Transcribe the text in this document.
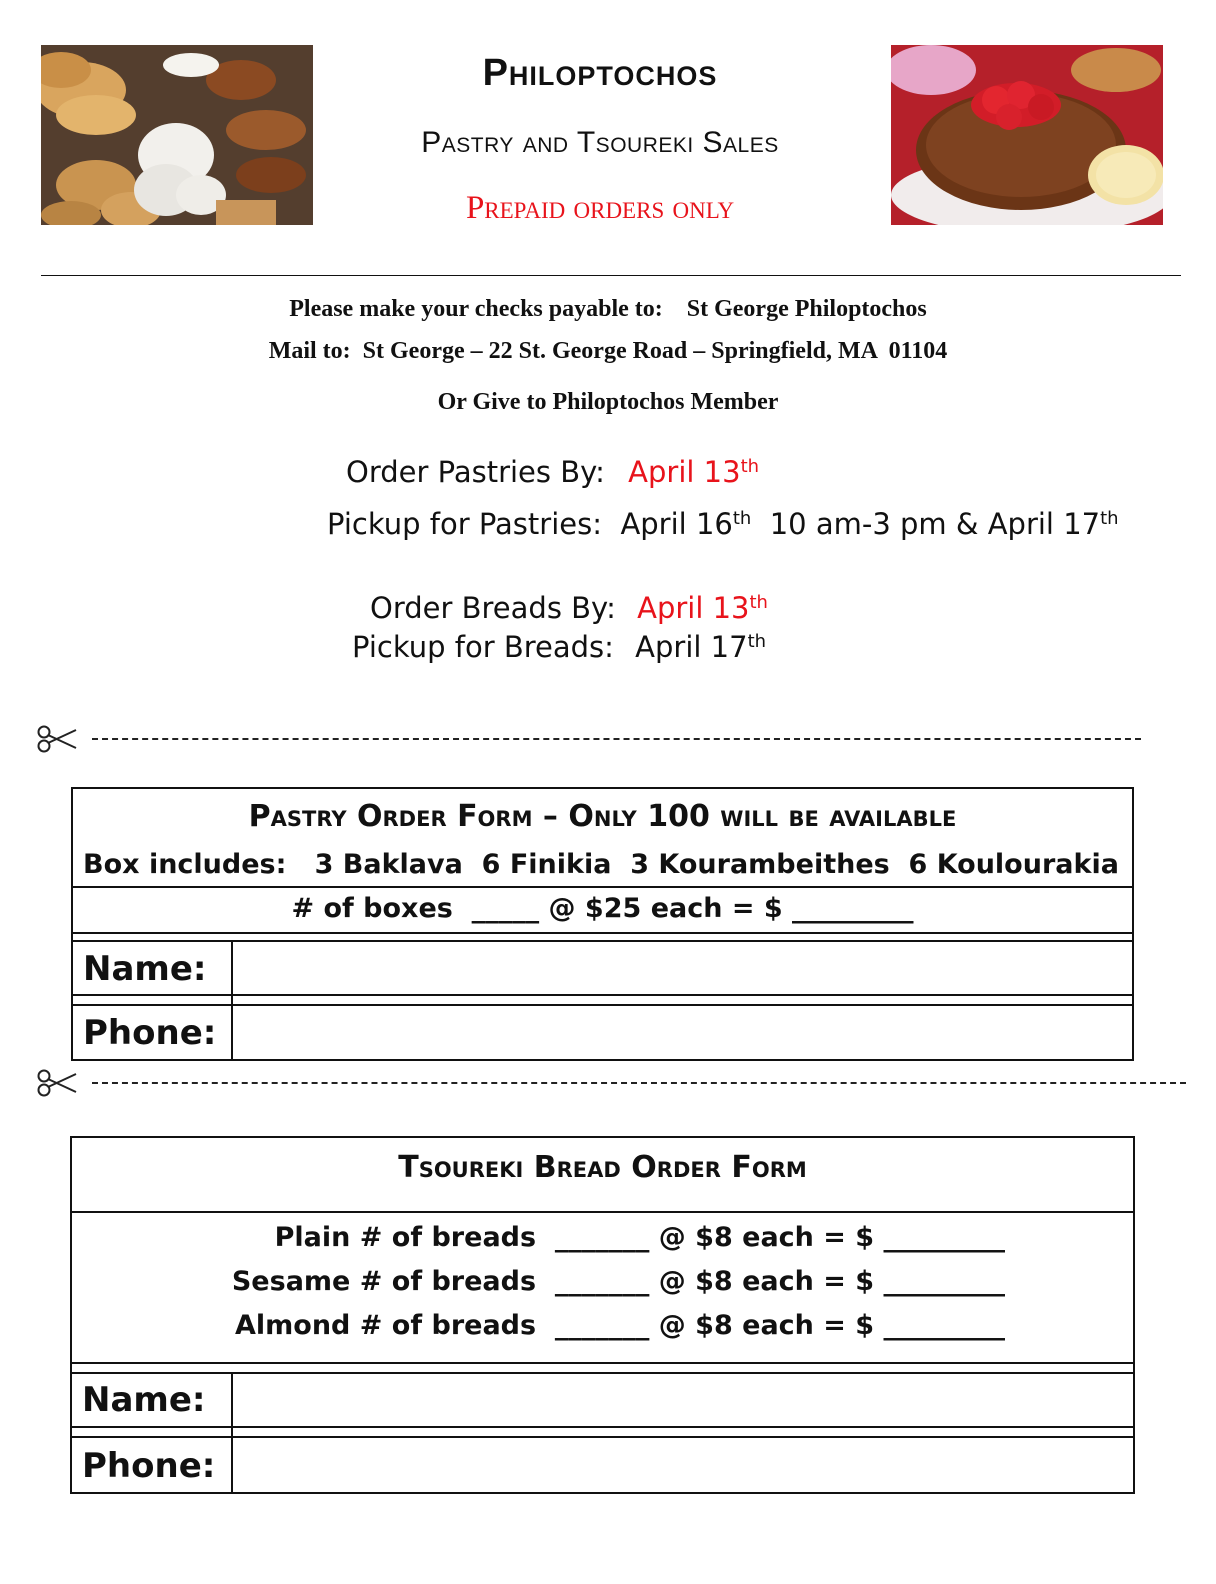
Philoptochos
Pastry and Tsoureki Sales
Prepaid orders only
Please make your checks payable to:    St George Philoptochos
Mail to:  St George – 22 St. George Road – Springfield, MA  01104
Or Give to Philoptochos Member
Order Pastries By: April 13th
Pickup for Pastries: April 16th  10 am-3 pm & April 17th
Order Breads By: April 13th
Pickup for Breads: April 17th
Pastry Order Form – Only 100 will be available
Box includes:   3 Baklava  6 Finikia  3 Kourambeithes  6 Koulourakia
# of boxes  _____ @ $25 each = $ _________
Name:
Phone:
Tsoureki Bread Order Form
Plain # of breads  _______ @ $8 each = $ _________
Sesame # of breads  _______ @ $8 each = $ _________
Almond # of breads  _______ @ $8 each = $ _________
Name:
Phone:
